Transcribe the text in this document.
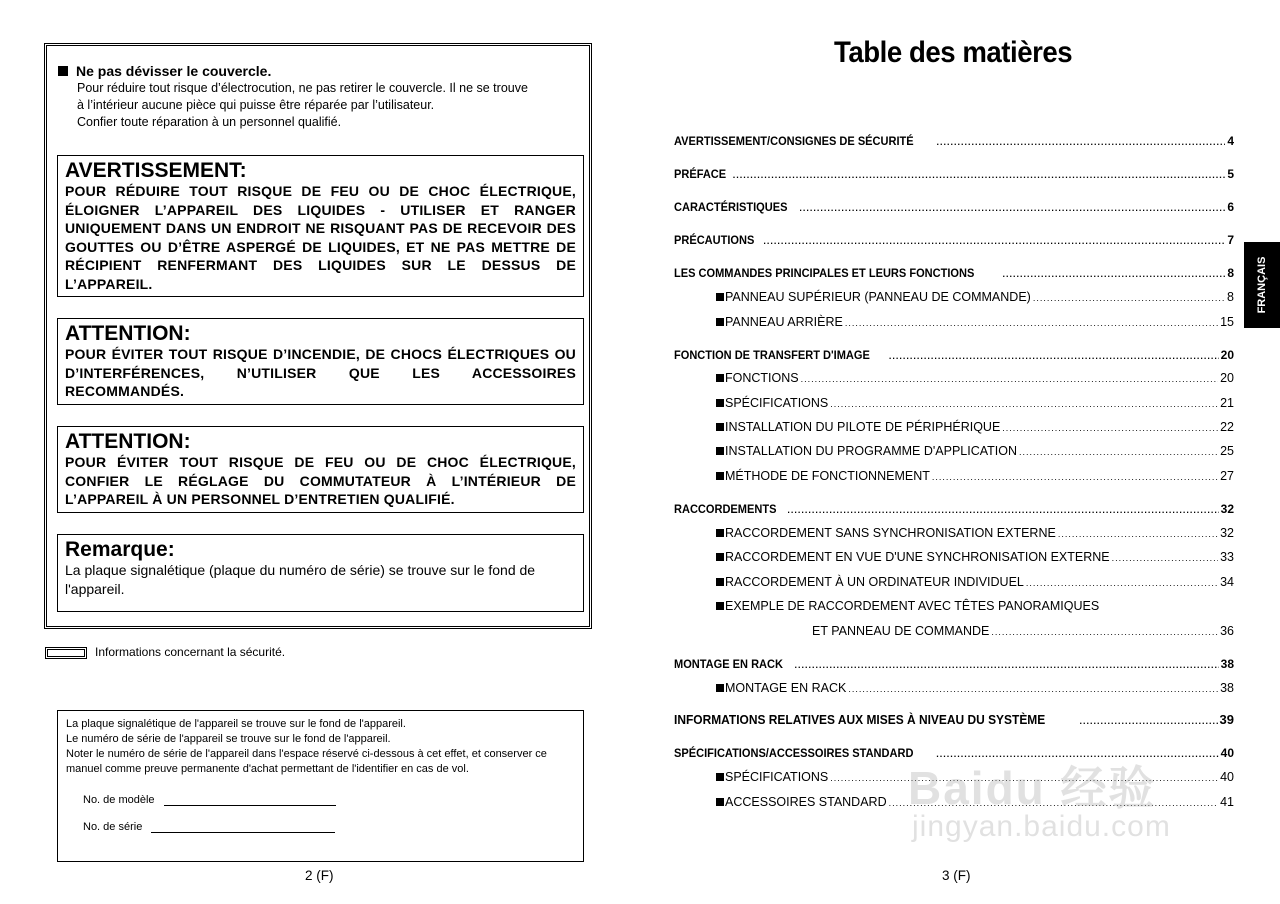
Ne pas dévisser le couvercle.
Pour réduire tout risque d’électrocution, ne pas retirer le couvercle. Il ne se trouve
à l’intérieur aucune pièce qui puisse être réparée par l’utilisateur.
Confier toute réparation à un personnel qualifié.
AVERTISSEMENT:
POUR RÉDUIRE TOUT RISQUE DE FEU OU DE CHOC ÉLECTRIQUE, ÉLOIGNER L’APPAREIL DES LIQUIDES - UTILISER ET RANGER UNIQUEMENT DANS UN ENDROIT NE RISQUANT PAS DE RECEVOIR DES GOUTTES OU D’ÊTRE ASPERGÉ DE LIQUIDES, ET NE PAS METTRE DE RÉCIPIENT RENFERMANT DES LIQUIDES SUR LE DESSUS DE L’APPAREIL.
ATTENTION:
POUR ÉVITER TOUT RISQUE D’INCENDIE, DE CHOCS ÉLECTRIQUES OU D’INTERFÉRENCES, N’UTILISER QUE LES ACCESSOIRES RECOMMANDÉS.
ATTENTION:
POUR ÉVITER TOUT RISQUE DE FEU OU DE CHOC ÉLECTRIQUE, CONFIER LE RÉGLAGE DU COMMUTATEUR À L’INTÉRIEUR DE L’APPAREIL À UN PERSONNEL D’ENTRETIEN QUALIFIÉ.
Remarque:
La plaque signalétique (plaque du numéro de série) se trouve sur le fond de l'appareil.
Informations concernant la sécurité.
La plaque signalétique de l'appareil se trouve sur le fond de l'appareil.
Le numéro de série de l'appareil se trouve sur le fond de l'appareil.
Noter le numéro de série de l'appareil dans l'espace réservé ci-dessous à cet effet, et conserver ce
manuel comme preuve permanente d'achat permettant de l'identifier en cas de vol.
No. de modèle
No. de série
2 (F)
Table des matières
AVERTISSEMENT/CONSIGNES DE SÉCURITÉ .....	4
PRÉFACE .....	5
CARACTÉRISTIQUES .....	6
PRÉCAUTIONS .....	7
LES COMMANDES PRINCIPALES ET LEURS FONCTIONS .....	8
PANNEAU SUPÉRIEUR (PANNEAU DE COMMANDE) .....	8
PANNEAU ARRIÈRE .....	15
FONCTION DE TRANSFERT D'IMAGE .....	20
FONCTIONS .....	20
SPÉCIFICATIONS .....	21
INSTALLATION DU PILOTE DE PÉRIPHÉRIQUE .....	22
INSTALLATION DU PROGRAMME D'APPLICATION .....	25
MÉTHODE DE FONCTIONNEMENT .....	27
RACCORDEMENTS .....	32
RACCORDEMENT SANS SYNCHRONISATION EXTERNE .....	32
RACCORDEMENT EN VUE D'UNE SYNCHRONISATION EXTERNE .....	33
RACCORDEMENT À UN ORDINATEUR INDIVIDUEL .....	34
EXEMPLE DE RACCORDEMENT AVEC TÊTES PANORAMIQUES
ET PANNEAU DE COMMANDE .....	36
MONTAGE EN RACK .....	38
MONTAGE EN RACK .....	38
INFORMATIONS RELATIVES AUX MISES À NIVEAU DU SYSTÈME .....	39
SPÉCIFICATIONS/ACCESSOIRES STANDARD .....	40
SPÉCIFICATIONS .....	40
ACCESSOIRES STANDARD .....	41
FRANÇAIS
Baidu 经验
jingyan.baidu.com
3 (F)
